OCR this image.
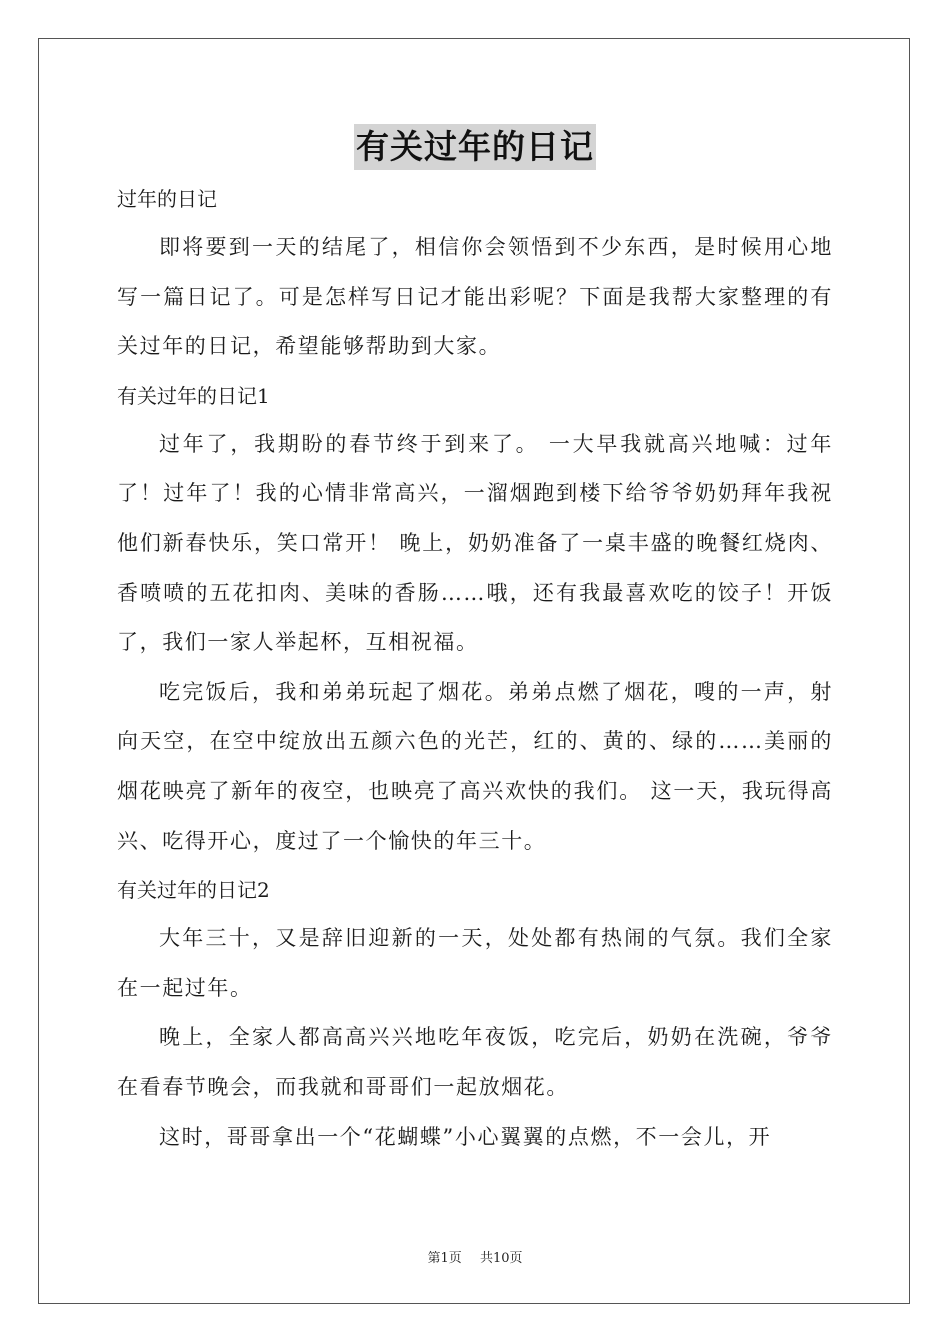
有关过年的日记
过年的日记

即将要到一天的结尾了，相信你会领悟到不少东西，是时候用心地写一篇日记了。可是怎样写日记才能出彩呢？下面是我帮大家整理的有关过年的日记，希望能够帮助到大家。

有关过年的日记1

过年了，我期盼的春节终于到来了。 一大早我就高兴地喊：过年了！过年了！我的心情非常高兴，一溜烟跑到楼下给爷爷奶奶拜年我祝他们新春快乐，笑口常开！ 晚上，奶奶准备了一桌丰盛的晚餐红烧肉、香喷喷的五花扣肉、美味的香肠……哦，还有我最喜欢吃的饺子！开饭了，我们一家人举起杯，互相祝福。

吃完饭后，我和弟弟玩起了烟花。弟弟点燃了烟花，嗖的一声，射向天空，在空中绽放出五颜六色的光芒，红的、黄的、绿的……美丽的烟花映亮了新年的夜空，也映亮了高兴欢快的我们。 这一天，我玩得高兴、吃得开心，度过了一个愉快的年三十。

有关过年的日记2

大年三十，又是辞旧迎新的一天，处处都有热闹的气氛。我们全家在一起过年。

晚上，全家人都高高兴兴地吃年夜饭，吃完后，奶奶在洗碗，爷爷在看春节晚会，而我就和哥哥们一起放烟花。

这时，哥哥拿出一个“花蝴蝶”小心翼翼的点燃，不一会儿，开

第1页 共10页
